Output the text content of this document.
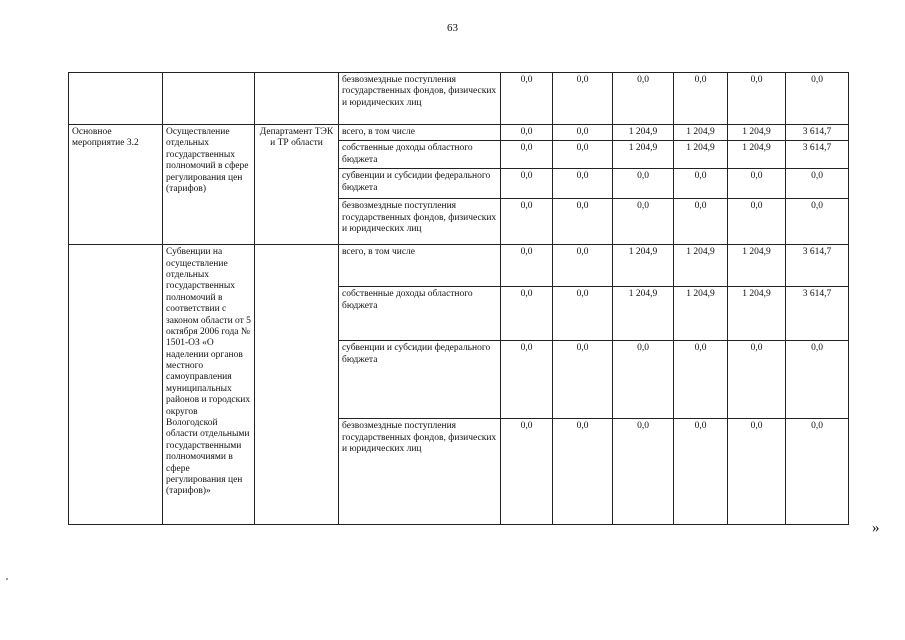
63
			безвозмездные поступления государственных фондов, физических и юридических лиц	0,0	0,0	0,0	0,0	0,0	0,0
Основное мероприятие 3.2	Осуществление отдельных государственных полномочий в сфере регулирования цен (тарифов)	Департамент ТЭК и ТР области	всего, в том числе	0,0	0,0	1 204,9	1 204,9	1 204,9	3 614,7
			собственные доходы областного бюджета	0,0	0,0	1 204,9	1 204,9	1 204,9	3 614,7
			субвенции и субсидии федерального бюджета	0,0	0,0	0,0	0,0	0,0	0,0
			безвозмездные поступления государственных фондов, физических и юридических лиц	0,0	0,0	0,0	0,0	0,0	0,0
	Субвенции на осуществление отдельных государственных полномочий в соответствии с законом области от 5 октября 2006 года № 1501-ОЗ «О наделении органов местного самоуправления муниципальных районов и городских округов Вологодской области отдельными государственными полномочиями в сфере регулирования цен (тарифов)»		всего, в том числе	0,0	0,0	1 204,9	1 204,9	1 204,9	3 614,7
			собственные доходы областного бюджета	0,0	0,0	1 204,9	1 204,9	1 204,9	3 614,7
			субвенции и субсидии федерального бюджета	0,0	0,0	0,0	0,0	0,0	0,0
			безвозмездные поступления государственных фондов, физических и юридических лиц	0,0	0,0	0,0	0,0	0,0	0,0
»
